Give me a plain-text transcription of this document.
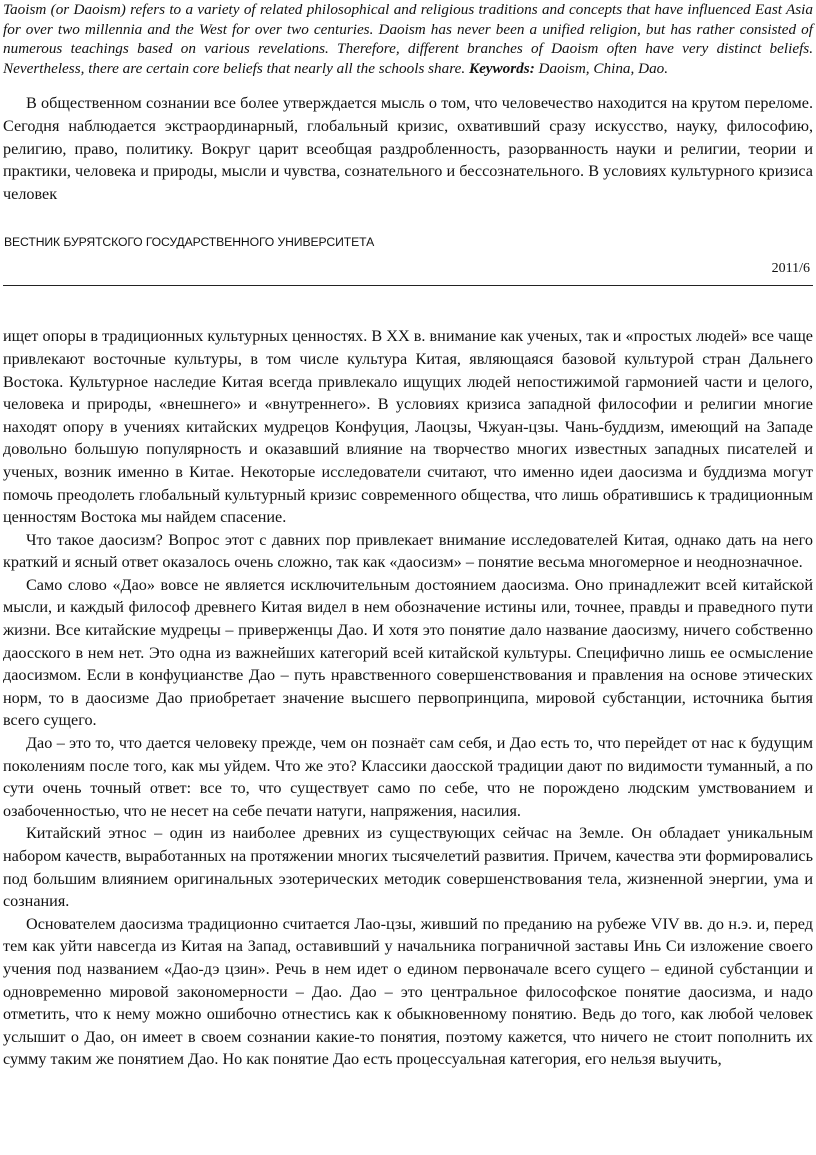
Taoism (or Daoism) refers to a variety of related philosophical and religious traditions and concepts that have influenced East Asia for over two millennia and the West for over two centuries. Daoism has never been a unified religion, but has rather consisted of numerous teachings based on various revelations. Therefore, different branches of Daoism often have very distinct beliefs. Nevertheless, there are certain core beliefs that nearly all the schools share. Keywords: Daoism, China, Dao.

В общественном сознании все более утверждается мысль о том, что человечество находится на крутом переломе. Сегодня наблюдается экстраординарный, глобальный кризис, охвативший сразу искусство, науку, философию, религию, право, политику. Вокруг царит всеобщая раздробленность, разорванность науки и религии, теории и практики, человека и природы, мысли и чувства, сознательного и бессознательного. В условиях культурного кризиса человек

ВЕСТНИК БУРЯТСКОГО ГОСУДАРСТВЕННОГО УНИВЕРСИТЕТА
2011/6

ищет опоры в традиционных культурных ценностях. В XX в. внимание как ученых, так и «простых людей» все чаще привлекают восточные культуры, в том числе культура Китая, являющаяся базовой культурой стран Дальнего Востока. Культурное наследие Китая всегда привлекало ищущих людей непостижимой гармонией части и целого, человека и природы, «внешнего» и «внутреннего». В условиях кризиса западной философии и религии многие находят опору в учениях китайских мудрецов Конфуция, Лаоцзы, Чжуан-цзы. Чань-буддизм, имеющий на Западе довольно большую популярность и оказавший влияние на творчество многих известных западных писателей и ученых, возник именно в Китае. Некоторые исследователи считают, что именно идеи даосизма и буддизма могут помочь преодолеть глобальный культурный кризис современного общества, что лишь обратившись к традиционным ценностям Востока мы найдем спасение.

Что такое даосизм? Вопрос этот с давних пор привлекает внимание исследователей Китая, однако дать на него краткий и ясный ответ оказалось очень сложно, так как «даосизм» – понятие весьма многомерное и неоднозначное.

Само слово «Дао» вовсе не является исключительным достоянием даосизма. Оно принадлежит всей китайской мысли, и каждый философ древнего Китая видел в нем обозначение истины или, точнее, правды и праведного пути жизни. Все китайские мудрецы – приверженцы Дао. И хотя это понятие дало название даосизму, ничего собственно даосского в нем нет. Это одна из важнейших категорий всей китайской культуры. Специфично лишь ее осмысление даосизмом. Если в конфуцианстве Дао – путь нравственного совершенствования и правления на основе этических норм, то в даосизме Дао приобретает значение высшего первопринципа, мировой субстанции, источника бытия всего сущего.

Дао – это то, что дается человеку прежде, чем он познаёт сам себя, и Дао есть то, что перейдет от нас к будущим поколениям после того, как мы уйдем. Что же это? Классики даосской традиции дают по видимости туманный, а по сути очень точный ответ: все то, что существует само по себе, что не порождено людским умствованием и озабоченностью, что не несет на себе печати натуги, напряжения, насилия.

Китайский этнос – один из наиболее древних из существующих сейчас на Земле. Он обладает уникальным набором качеств, выработанных на протяжении многих тысячелетий развития. Причем, качества эти формировались под большим влиянием оригинальных эзотерических методик совершенствования тела, жизненной энергии, ума и сознания.

Основателем даосизма традиционно считается Лао-цзы, живший по преданию на рубеже VIV вв. до н.э. и, перед тем как уйти навсегда из Китая на Запад, оставивший у начальника пограничной заставы Инь Си изложение своего учения под названием «Дао-дэ цзин». Речь в нем идет о едином первоначале всего сущего – единой субстанции и одновременно мировой закономерности – Дао. Дао – это центральное философское понятие даосизма, и надо отметить, что к нему можно ошибочно отнестись как к обыкновенному понятию. Ведь до того, как любой человек услышит о Дао, он имеет в своем сознании какие-то понятия, поэтому кажется, что ничего не стоит пополнить их сумму таким же понятием Дао. Но как понятие Дао есть процессуальная категория, его нельзя выучить,
